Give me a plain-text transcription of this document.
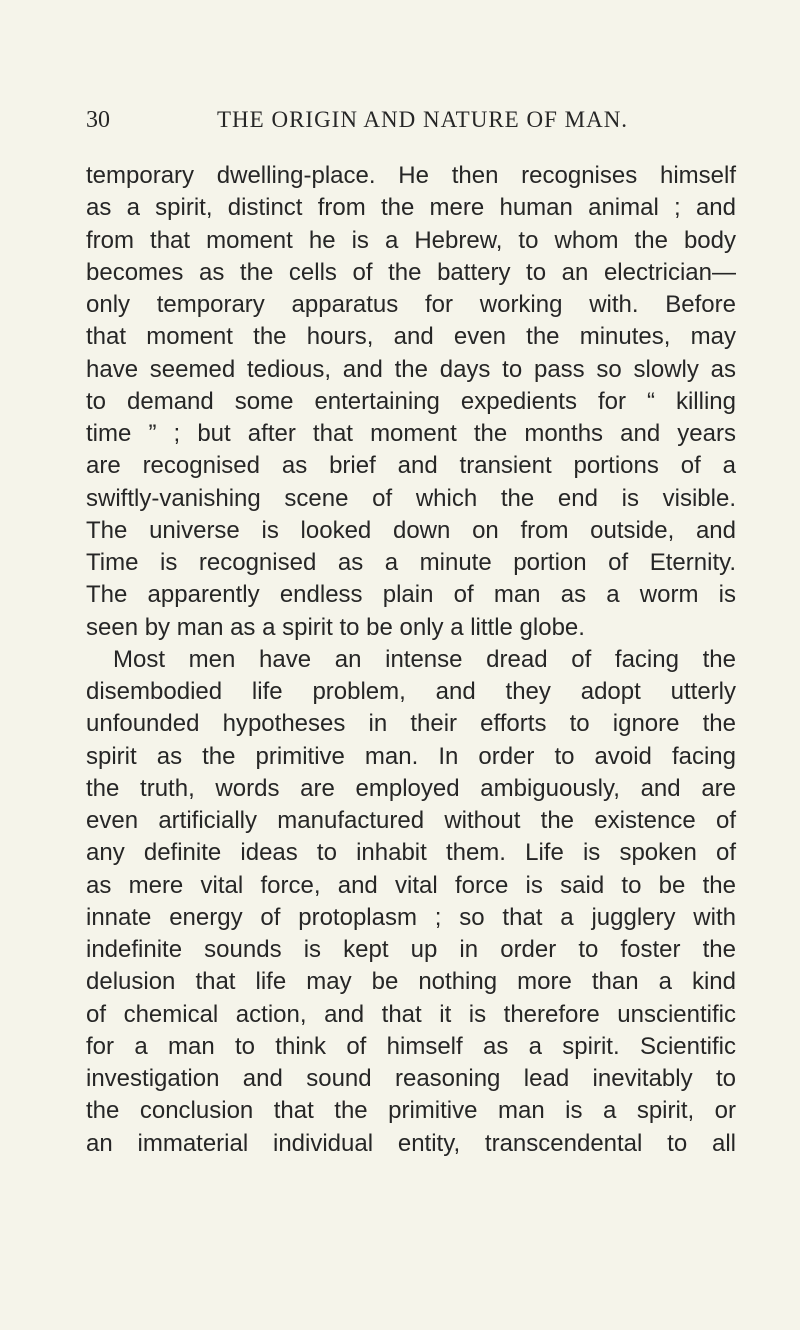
30	THE ORIGIN AND NATURE OF MAN.
temporary dwelling-place. He then recognises himself
as a spirit, distinct from the mere human animal ; and
from that moment he is a Hebrew, to whom the body
becomes as the cells of the battery to an electrician—
only temporary apparatus for working with. Before
that moment the hours, and even the minutes, may
have seemed tedious, and the days to pass so slowly as
to demand some entertaining expedients for “ killing
time ” ; but after that moment the months and years
are recognised as brief and transient portions of a
swiftly-vanishing scene of which the end is visible.
The universe is looked down on from outside, and
Time is recognised as a minute portion of Eternity.
The apparently endless plain of man as a worm is
seen by man as a spirit to be only a little globe.
Most men have an intense dread of facing the
disembodied life problem, and they adopt utterly
unfounded hypotheses in their efforts to ignore the
spirit as the primitive man. In order to avoid facing
the truth, words are employed ambiguously, and are
even artificially manufactured without the existence of
any definite ideas to inhabit them. Life is spoken of
as mere vital force, and vital force is said to be the
innate energy of protoplasm ; so that a jugglery with
indefinite sounds is kept up in order to foster the
delusion that life may be nothing more than a kind
of chemical action, and that it is therefore unscientific
for a man to think of himself as a spirit. Scientific
investigation and sound reasoning lead inevitably to
the conclusion that the primitive man is a spirit, or
an immaterial individual entity, transcendental to all
